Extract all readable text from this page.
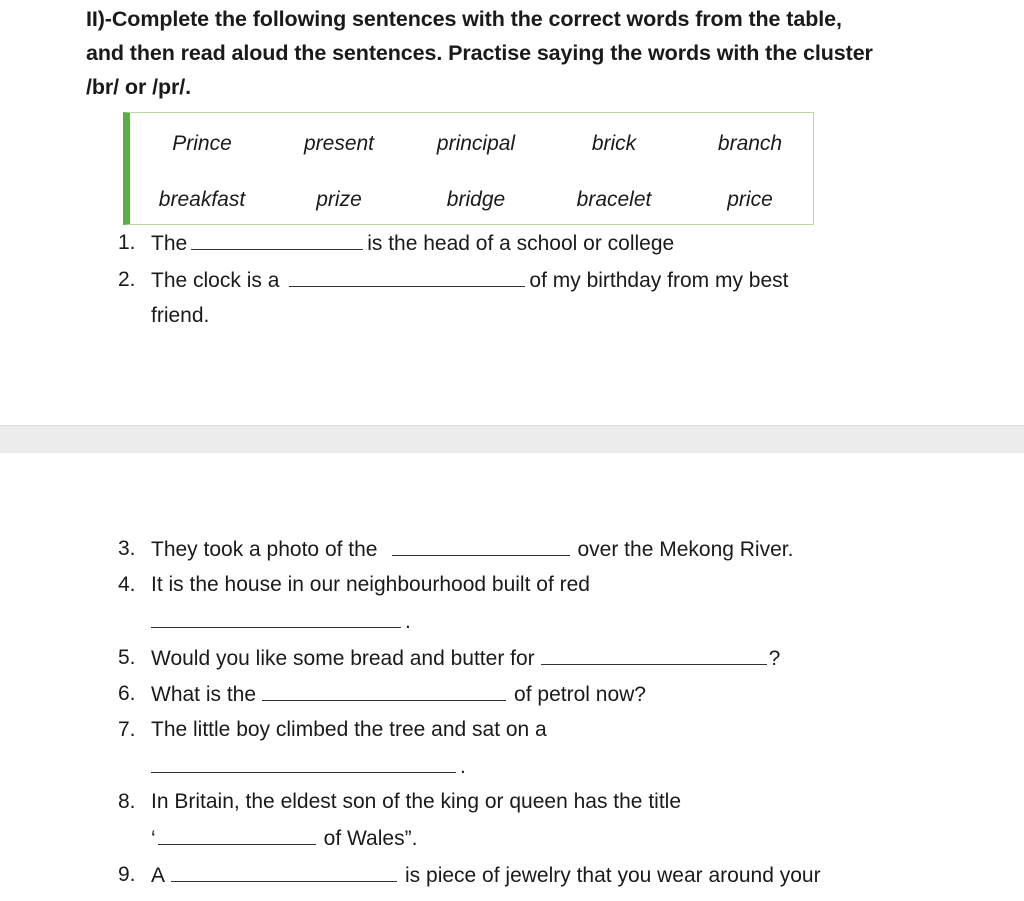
II)-Complete the following sentences with the correct words from the table,

and then read aloud the sentences. Practise saying the words with the cluster

/br/ or /pr/.

Prince	present	principal	brick	branch
breakfast	prize	bridge	bracelet	price
1. The	is the head of a school or college
2. The clock is a	of my birthday from my best
friend.
3. They took a photo of the	over the Mekong River.
4. It is the house in our neighbourhood built of red
.
5. Would you like some bread and butter for	?
6. What is the	of petrol now?
7. The little boy climbed the tree and sat on a
.
8. In Britain, the eldest son of the king or queen has the title
‘	of Wales”.
9. A	is piece of jewelry that you wear around your
